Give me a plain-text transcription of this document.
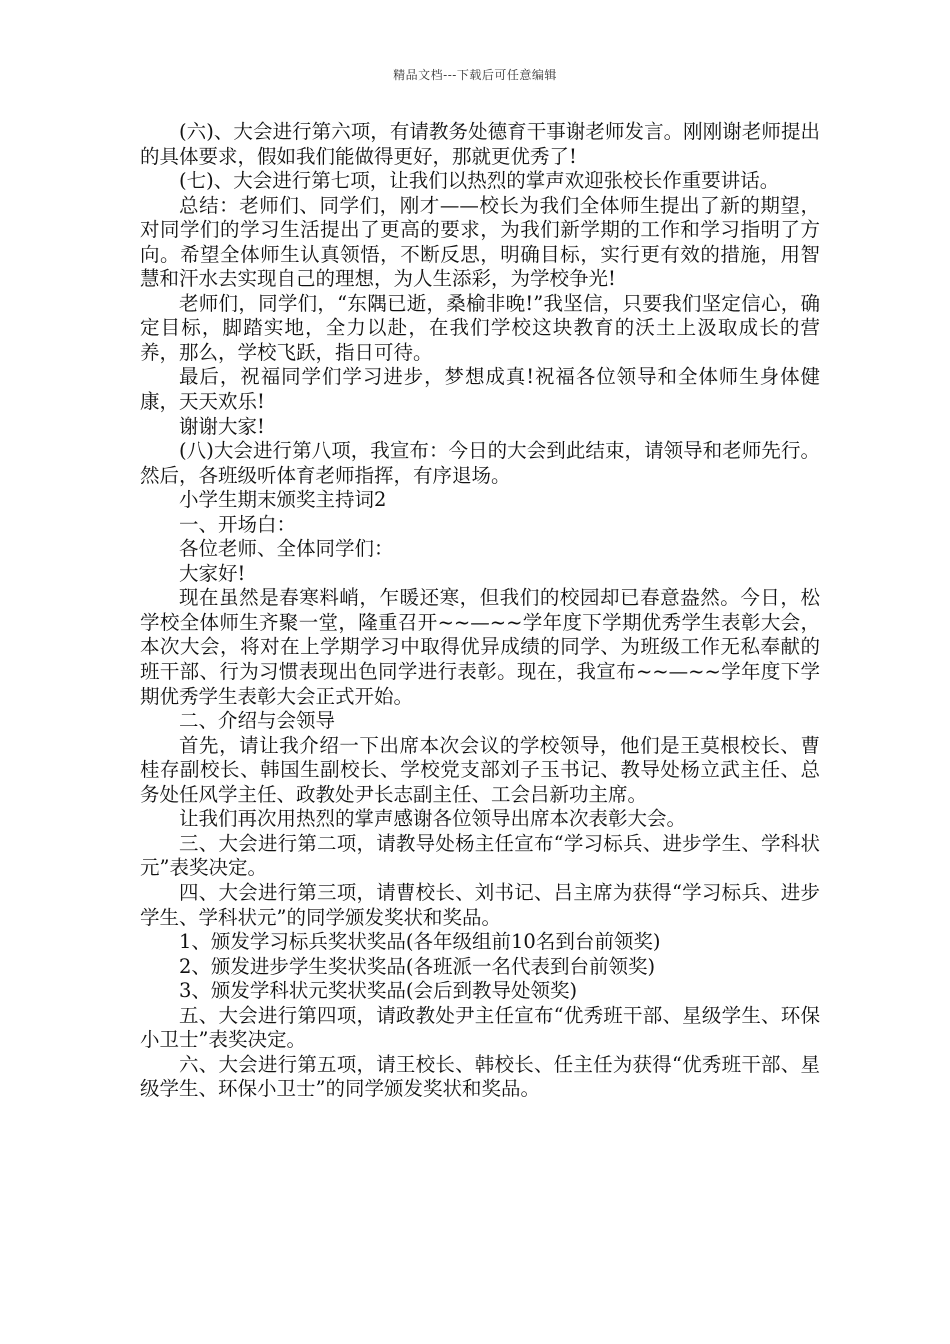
精品文档---下载后可任意编辑

(六)、大会进行第六项，有请教务处德育干事谢老师发言。刚刚谢老师提出的具体要求，假如我们能做得更好，那就更优秀了!

(七)、大会进行第七项，让我们以热烈的掌声欢迎张校长作重要讲话。

总结：老师们、同学们，刚才——校长为我们全体师生提出了新的期望，对同学们的学习生活提出了更高的要求，为我们新学期的工作和学习指明了方向。希望全体师生认真领悟，不断反思，明确目标，实行更有效的措施，用智慧和汗水去实现自己的理想，为人生添彩，为学校争光!

老师们，同学们，“东隅已逝，桑榆非晚!”我坚信，只要我们坚定信心，确定目标，脚踏实地，全力以赴，在我们学校这块教育的沃土上汲取成长的营养，那么，学校飞跃，指日可待。

最后，祝福同学们学习进步，梦想成真!祝福各位领导和全体师生身体健康，天天欢乐!

谢谢大家!

(八)大会进行第八项，我宣布：今日的大会到此结束，请领导和老师先行。然后，各班级听体育老师指挥，有序退场。

小学生期末颁奖主持词2

一、开场白：

各位老师、全体同学们：

大家好!

现在虽然是春寒料峭，乍暖还寒，但我们的校园却已春意盎然。今日，松学校全体师生齐聚一堂，隆重召开~~—~~学年度下学期优秀学生表彰大会，本次大会，将对在上学期学习中取得优异成绩的同学、为班级工作无私奉献的班干部、行为习惯表现出色同学进行表彰。现在，我宣布~~—~~学年度下学期优秀学生表彰大会正式开始。

二、介绍与会领导

首先，请让我介绍一下出席本次会议的学校领导，他们是王莫根校长、曹桂存副校长、韩国生副校长、学校党支部刘子玉书记、教导处杨立武主任、总务处任风学主任、政教处尹长志副主任、工会吕新功主席。

让我们再次用热烈的掌声感谢各位领导出席本次表彰大会。

三、大会进行第二项，请教导处杨主任宣布“学习标兵、进步学生、学科状元”表奖决定。

四、大会进行第三项，请曹校长、刘书记、吕主席为获得“学习标兵、进步学生、学科状元”的同学颁发奖状和奖品。

1、颁发学习标兵奖状奖品(各年级组前10名到台前领奖)

2、颁发进步学生奖状奖品(各班派一名代表到台前领奖)

3、颁发学科状元奖状奖品(会后到教导处领奖)

五、大会进行第四项，请政教处尹主任宣布“优秀班干部、星级学生、环保小卫士”表奖决定。

六、大会进行第五项，请王校长、韩校长、任主任为获得“优秀班干部、星级学生、环保小卫士”的同学颁发奖状和奖品。
